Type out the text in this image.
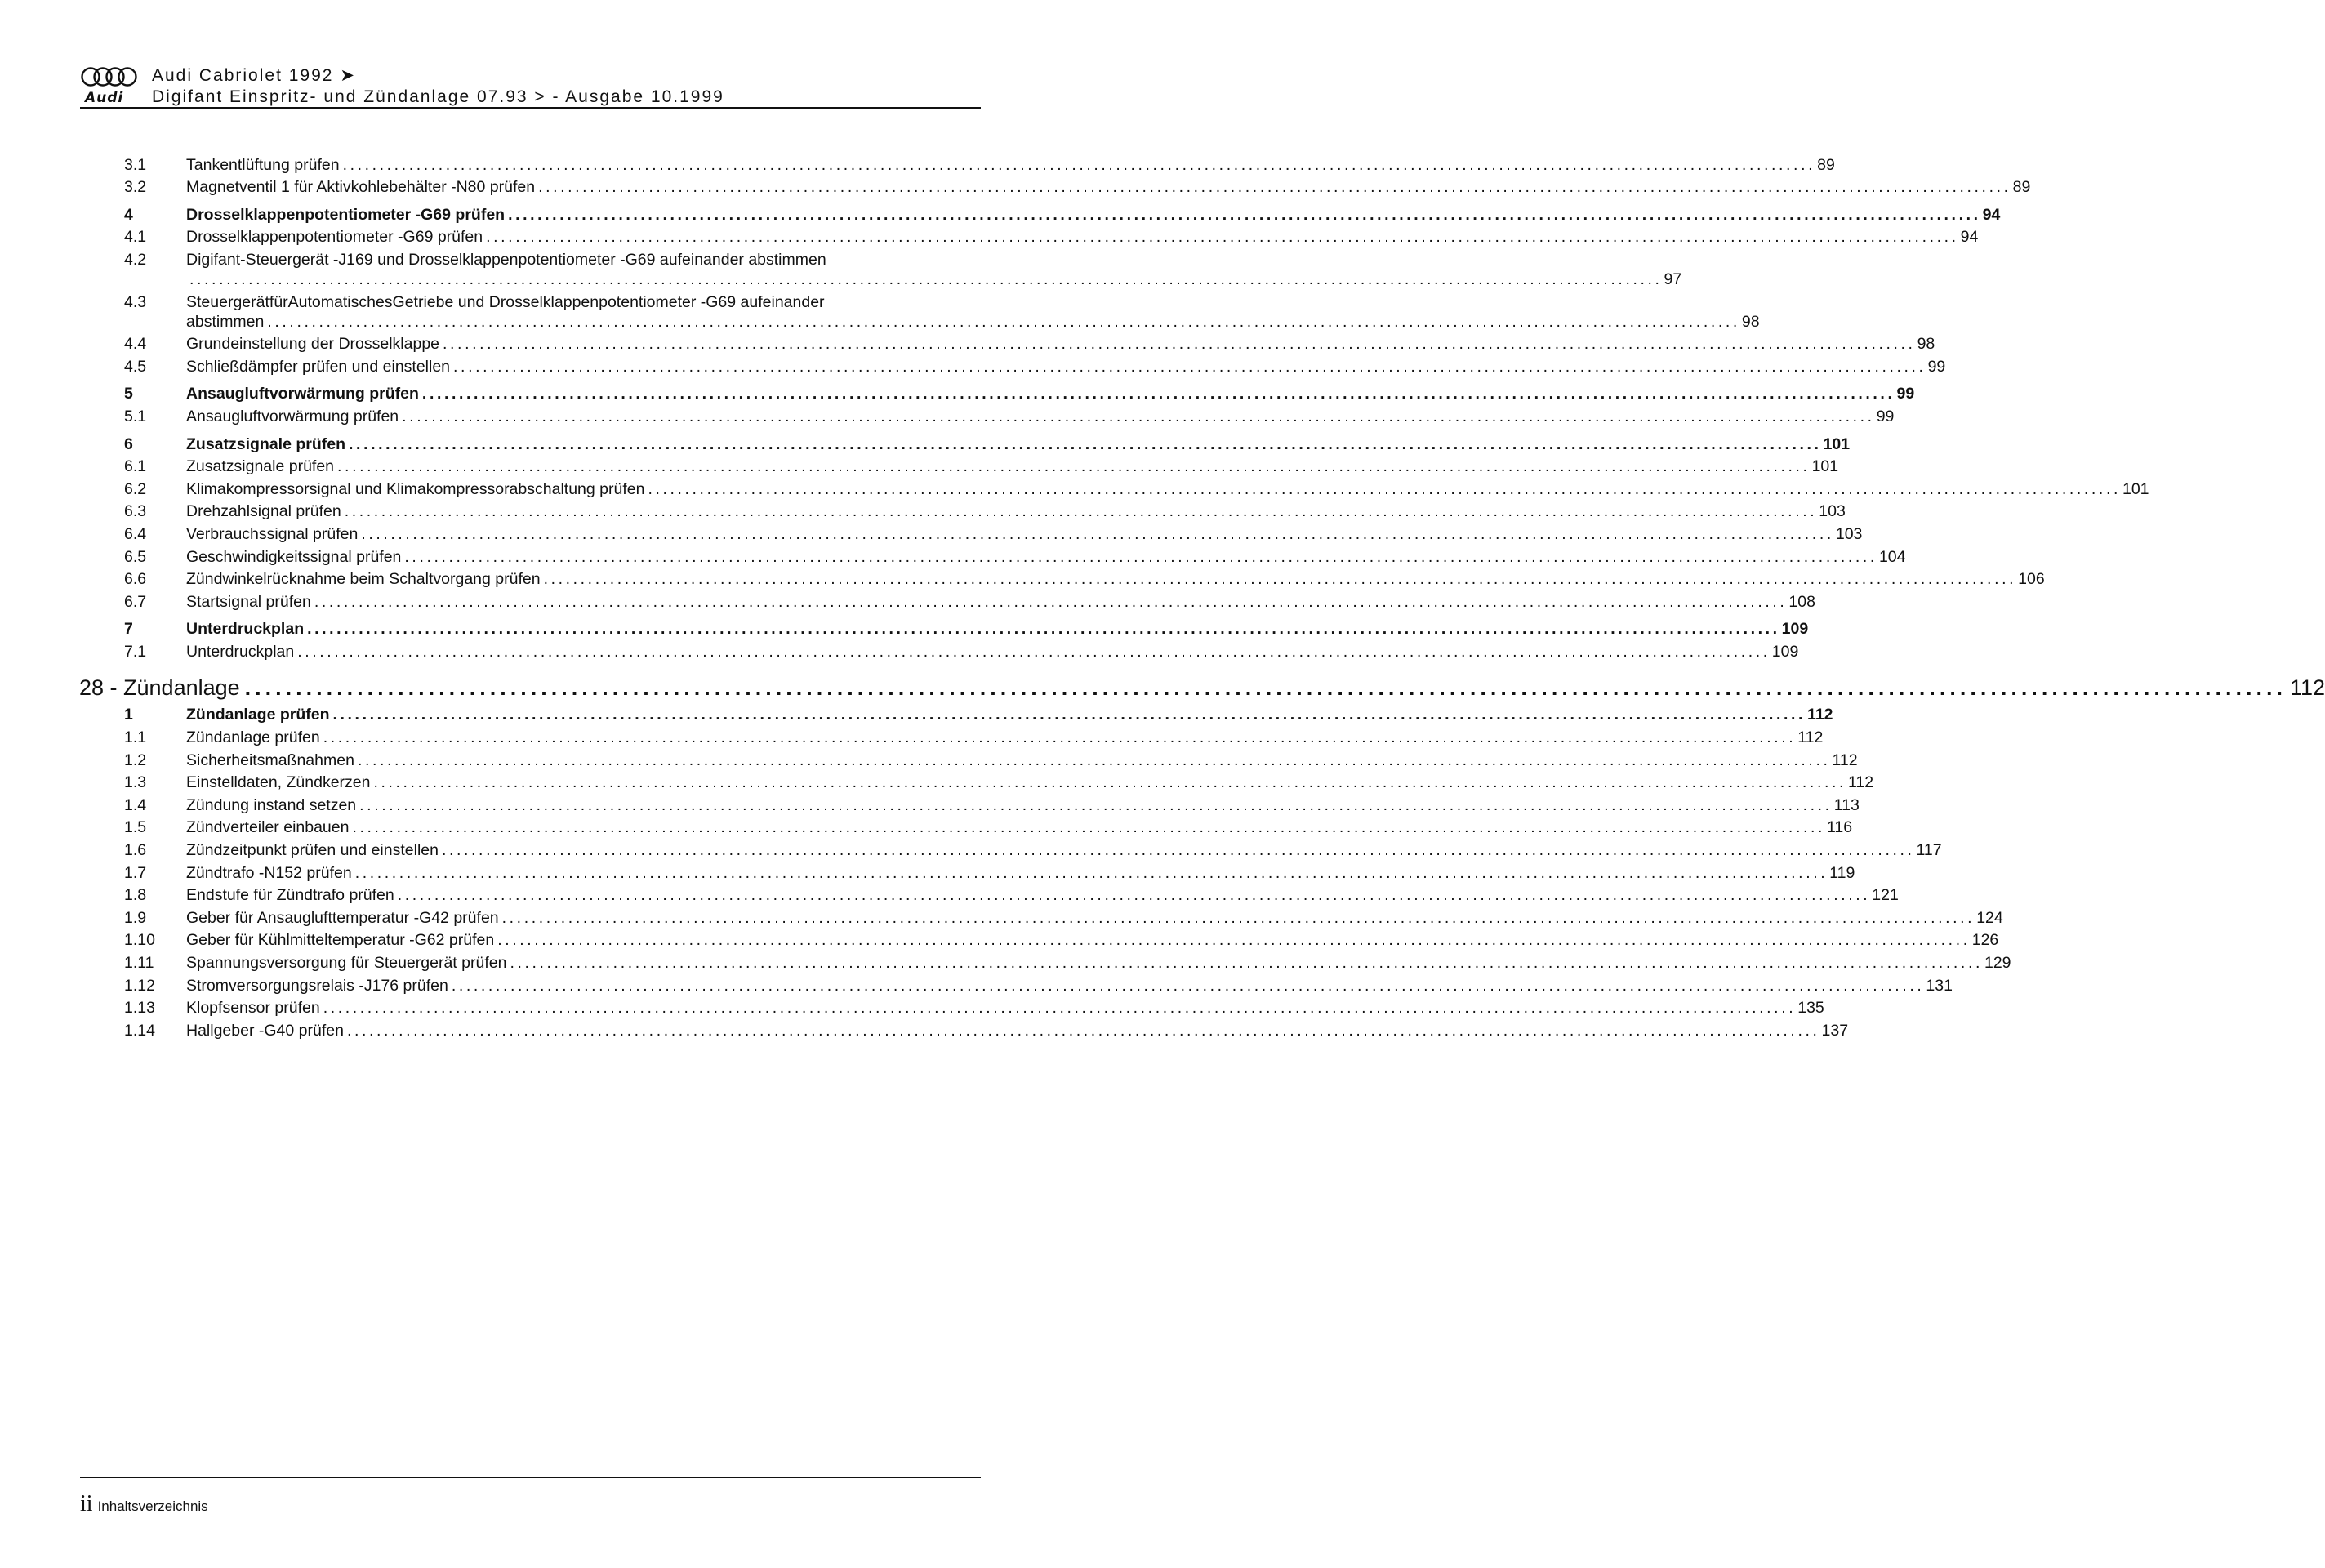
Audi
Audi Cabriolet 1992 ➤
Digifant Einspritz- und Zündanlage 07.93 > - Ausgabe 10.1999
3.1	Tankentlüftung prüfen ........................................................................................................................................................................................................ 89
3.2	Magnetventil 1 für Aktivkohlebehälter -N80 prüfen ........................................................................................................................................................................................................ 89
4	Drosselklappenpotentiometer -G69 prüfen ........................................................................................................................................................................................................ 94
4.1	Drosselklappenpotentiometer -G69 prüfen ........................................................................................................................................................................................................ 94
4.2	Digifant-Steuergerät -J169 und Drosselklappenpotentiometer -G69 aufeinander abstimmen
........................................................................................................................................................................................................ 97
4.3	SteuergerätfürAutomatischesGetriebe und Drosselklappenpotentiometer -G69 aufeinander
abstimmen ........................................................................................................................................................................................................ 98
4.4	Grundeinstellung der Drosselklappe ........................................................................................................................................................................................................ 98
4.5	Schließdämpfer prüfen und einstellen ........................................................................................................................................................................................................ 99
5	Ansaugluftvorwärmung prüfen ........................................................................................................................................................................................................ 99
5.1	Ansaugluftvorwärmung prüfen ........................................................................................................................................................................................................ 99
6	Zusatzsignale prüfen ........................................................................................................................................................................................................ 101
6.1	Zusatzsignale prüfen ........................................................................................................................................................................................................ 101
6.2	Klimakompressorsignal und Klimakompressorabschaltung prüfen ........................................................................................................................................................................................................ 101
6.3	Drehzahlsignal prüfen ........................................................................................................................................................................................................ 103
6.4	Verbrauchssignal prüfen ........................................................................................................................................................................................................ 103
6.5	Geschwindigkeitssignal prüfen ........................................................................................................................................................................................................ 104
6.6	Zündwinkelrücknahme beim Schaltvorgang prüfen ........................................................................................................................................................................................................ 106
6.7	Startsignal prüfen ........................................................................................................................................................................................................ 108
7	Unterdruckplan ........................................................................................................................................................................................................ 109
7.1	Unterdruckplan ........................................................................................................................................................................................................ 109
28 - Zündanlage ........................................................................................................................................................................................................ 112
1	Zündanlage prüfen ........................................................................................................................................................................................................ 112
1.1	Zündanlage prüfen ........................................................................................................................................................................................................ 112
1.2	Sicherheitsmaßnahmen ........................................................................................................................................................................................................ 112
1.3	Einstelldaten, Zündkerzen ........................................................................................................................................................................................................ 112
1.4	Zündung instand setzen ........................................................................................................................................................................................................ 113
1.5	Zündverteiler einbauen ........................................................................................................................................................................................................ 116
1.6	Zündzeitpunkt prüfen und einstellen ........................................................................................................................................................................................................ 117
1.7	Zündtrafo -N152 prüfen ........................................................................................................................................................................................................ 119
1.8	Endstufe für Zündtrafo prüfen ........................................................................................................................................................................................................ 121
1.9	Geber für Ansauglufttemperatur -G42 prüfen ........................................................................................................................................................................................................ 124
1.10	Geber für Kühlmitteltemperatur -G62 prüfen ........................................................................................................................................................................................................ 126
1.11	Spannungsversorgung für Steuergerät prüfen ........................................................................................................................................................................................................ 129
1.12	Stromversorgungsrelais -J176 prüfen ........................................................................................................................................................................................................ 131
1.13	Klopfsensor prüfen ........................................................................................................................................................................................................ 135
1.14	Hallgeber -G40 prüfen ........................................................................................................................................................................................................ 137
ii Inhaltsverzeichnis
